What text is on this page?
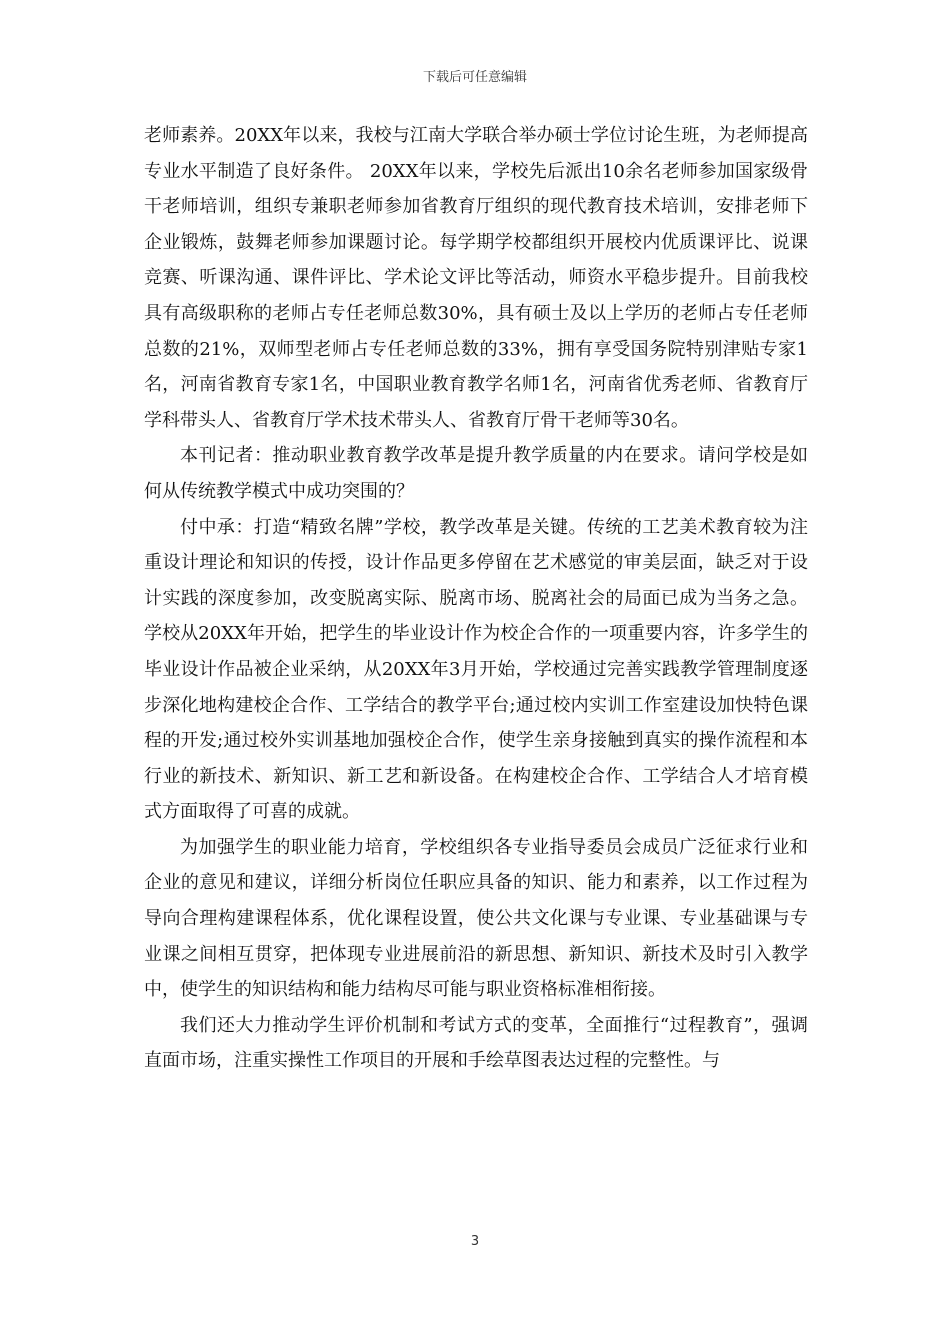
下载后可任意编辑

老师素养。20XX年以来，我校与江南大学联合举办硕士学位讨论生班，为老师提高专业水平制造了良好条件。 20XX年以来，学校先后派出10余名老师参加国家级骨干老师培训，组织专兼职老师参加省教育厅组织的现代教育技术培训，安排老师下企业锻炼，鼓舞老师参加课题讨论。每学期学校都组织开展校内优质课评比、说课竞赛、听课沟通、课件评比、学术论文评比等活动，师资水平稳步提升。目前我校具有高级职称的老师占专任老师总数30%，具有硕士及以上学历的老师占专任老师总数的21%，双师型老师占专任老师总数的33%，拥有享受国务院特别津贴专家1名，河南省教育专家1名，中国职业教育教学名师1名，河南省优秀老师、省教育厅学科带头人、省教育厅学术技术带头人、省教育厅骨干老师等30名。

本刊记者：推动职业教育教学改革是提升教学质量的内在要求。请问学校是如何从传统教学模式中成功突围的？

付中承：打造“精致名牌”学校，教学改革是关键。传统的工艺美术教育较为注重设计理论和知识的传授，设计作品更多停留在艺术感觉的审美层面，缺乏对于设计实践的深度参加，改变脱离实际、脱离市场、脱离社会的局面已成为当务之急。学校从20XX年开始，把学生的毕业设计作为校企合作的一项重要内容，许多学生的毕业设计作品被企业采纳，从20XX年3月开始，学校通过完善实践教学管理制度逐步深化地构建校企合作、工学结合的教学平台;通过校内实训工作室建设加快特色课程的开发;通过校外实训基地加强校企合作，使学生亲身接触到真实的操作流程和本行业的新技术、新知识、新工艺和新设备。在构建校企合作、工学结合人才培育模式方面取得了可喜的成就。

为加强学生的职业能力培育，学校组织各专业指导委员会成员广泛征求行业和企业的意见和建议，详细分析岗位任职应具备的知识、能力和素养，以工作过程为导向合理构建课程体系，优化课程设置，使公共文化课与专业课、专业基础课与专业课之间相互贯穿，把体现专业进展前沿的新思想、新知识、新技术及时引入教学中，使学生的知识结构和能力结构尽可能与职业资格标准相衔接。

我们还大力推动学生评价机制和考试方式的变革，全面推行“过程教育”，强调直面市场，注重实操性工作项目的开展和手绘草图表达过程的完整性。与

3
